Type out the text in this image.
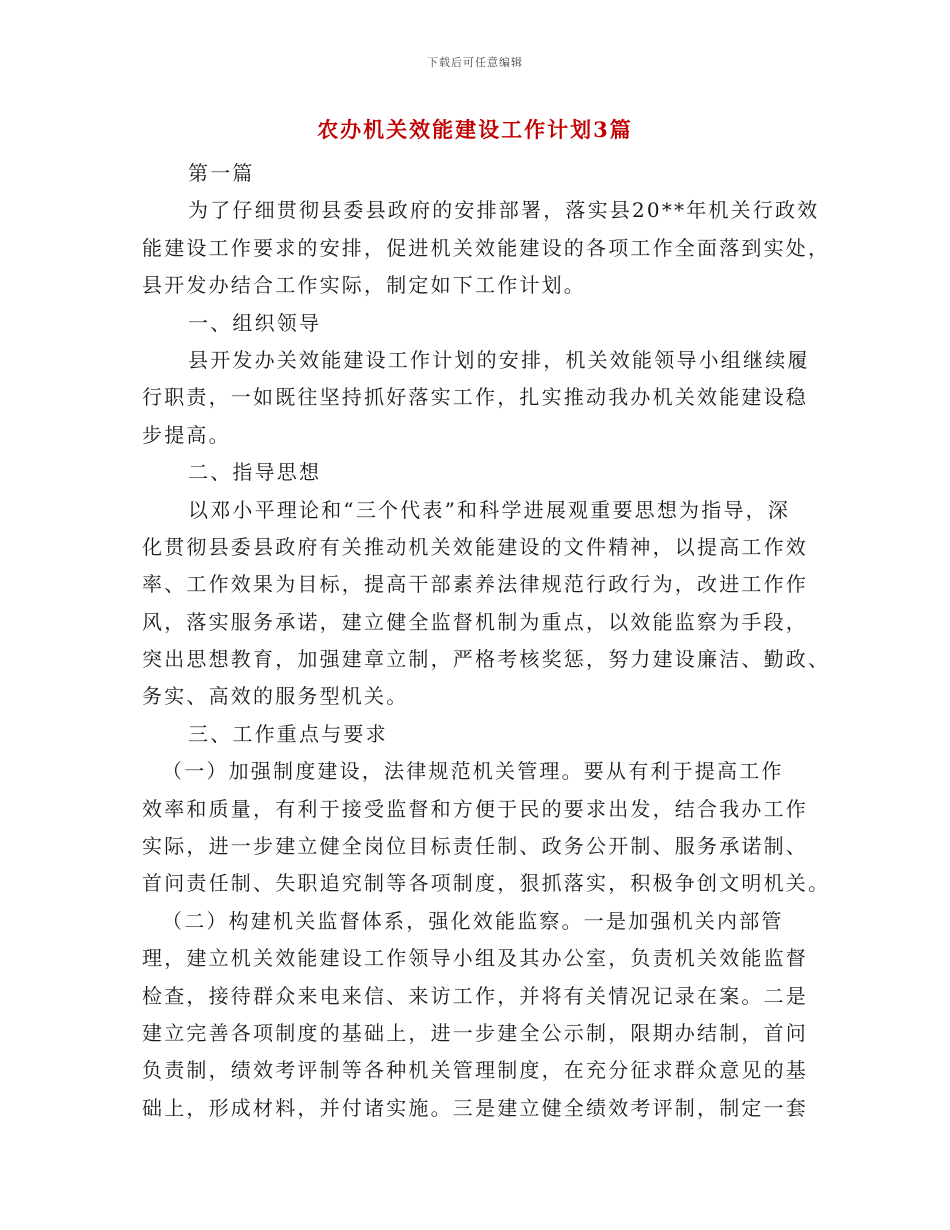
下载后可任意编辑
农办机关效能建设工作计划3篇
第一篇
为了仔细贯彻县委县政府的安排部署，落实县20**年机关行政效
能建设工作要求的安排，促进机关效能建设的各项工作全面落到实处，
县开发办结合工作实际，制定如下工作计划。
一、组织领导
县开发办关效能建设工作计划的安排，机关效能领导小组继续履
行职责，一如既往坚持抓好落实工作，扎实推动我办机关效能建设稳
步提高。
二、指导思想
以邓小平理论和“三个代表”和科学进展观重要思想为指导，深
化贯彻县委县政府有关推动机关效能建设的文件精神，以提高工作效
率、工作效果为目标，提高干部素养法律规范行政行为，改进工作作
风，落实服务承诺，建立健全监督机制为重点，以效能监察为手段，
突出思想教育，加强建章立制，严格考核奖惩，努力建设廉洁、勤政、
务实、高效的服务型机关。
三、工作重点与要求
（一）加强制度建设，法律规范机关管理。要从有利于提高工作
效率和质量，有利于接受监督和方便于民的要求出发，结合我办工作
实际，进一步建立健全岗位目标责任制、政务公开制、服务承诺制、
首问责任制、失职追究制等各项制度，狠抓落实，积极争创文明机关。
（二）构建机关监督体系，强化效能监察。一是加强机关内部管
理，建立机关效能建设工作领导小组及其办公室，负责机关效能监督
检查，接待群众来电来信、来访工作，并将有关情况记录在案。二是
建立完善各项制度的基础上，进一步建全公示制，限期办结制，首问
负责制，绩效考评制等各种机关管理制度，在充分征求群众意见的基
础上，形成材料，并付诸实施。三是建立健全绩效考评制，制定一套
